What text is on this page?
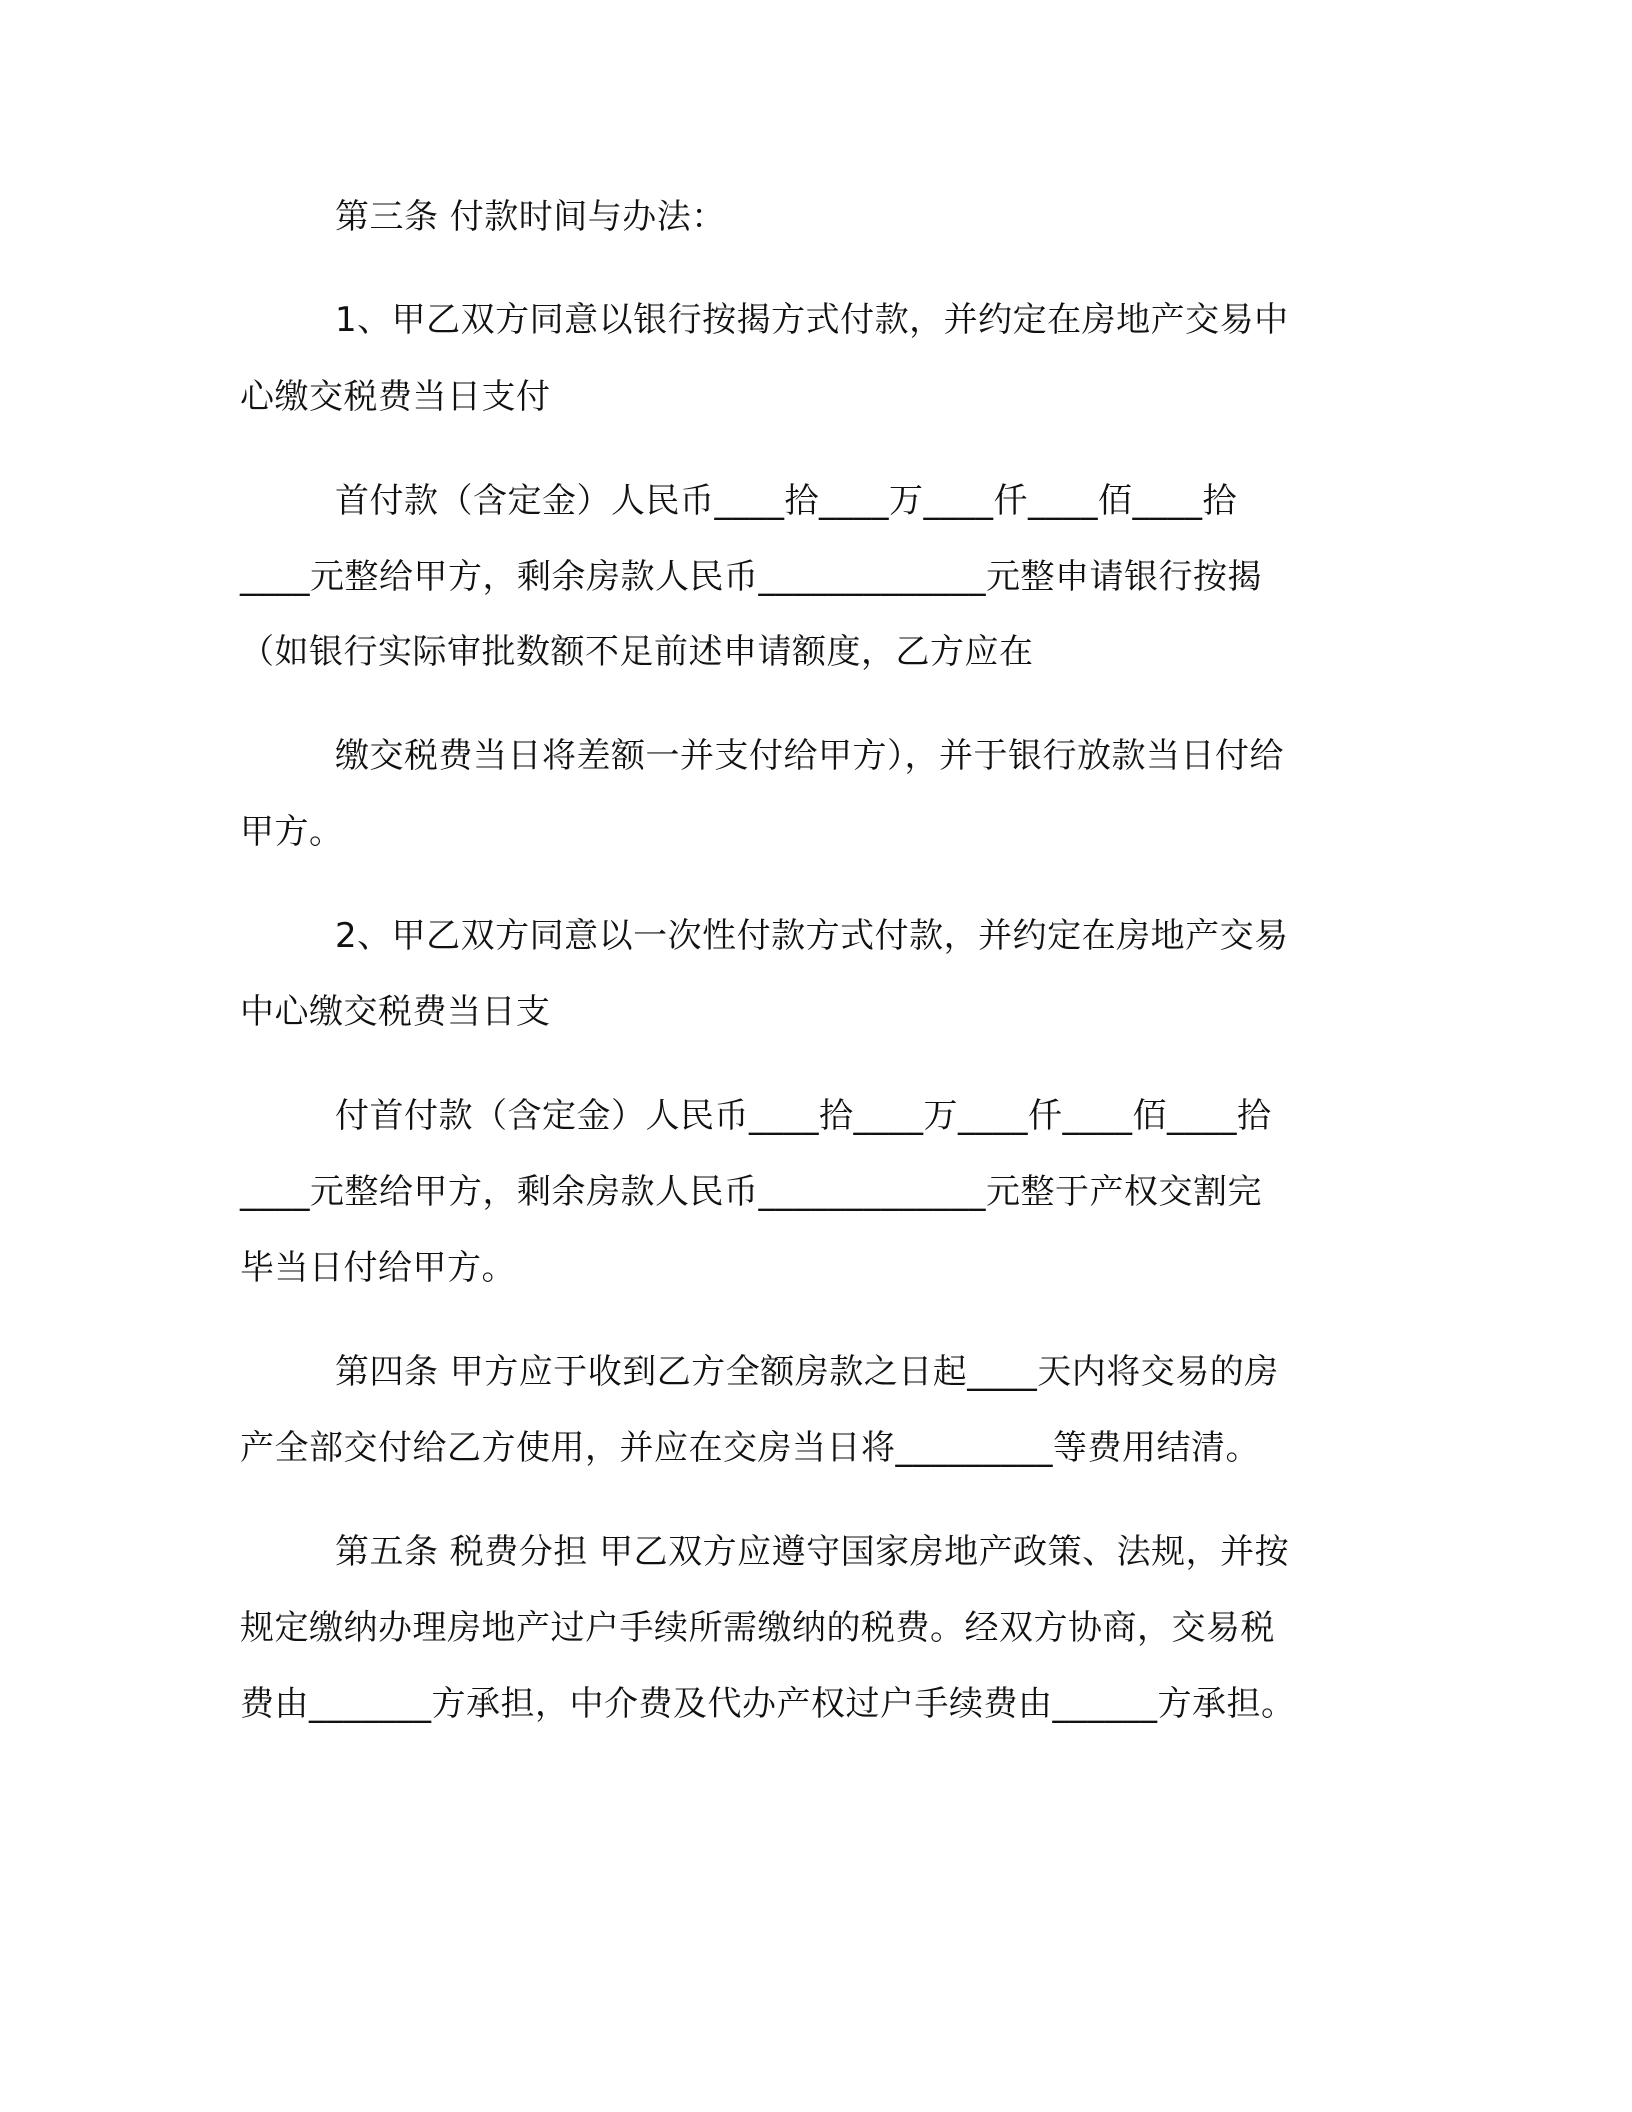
第三条 付款时间与办法：
1、甲乙双方同意以银行按揭方式付款，并约定在房地产交易中
心缴交税费当日支付
首付款（含定金）人民币____拾____万____仟____佰____拾
____元整给甲方，剩余房款人民币_____________元整申请银行按揭
（如银行实际审批数额不足前述申请额度，乙方应在
缴交税费当日将差额一并支付给甲方），并于银行放款当日付给
甲方。
2、甲乙双方同意以一次性付款方式付款，并约定在房地产交易
中心缴交税费当日支
付首付款（含定金）人民币____拾____万____仟____佰____拾
____元整给甲方，剩余房款人民币_____________元整于产权交割完
毕当日付给甲方。
第四条 甲方应于收到乙方全额房款之日起____天内将交易的房
产全部交付给乙方使用，并应在交房当日将_________等费用结清。
第五条 税费分担 甲乙双方应遵守国家房地产政策、法规，并按
规定缴纳办理房地产过户手续所需缴纳的税费。经双方协商，交易税
费由_______方承担，中介费及代办产权过户手续费由______方承担。
